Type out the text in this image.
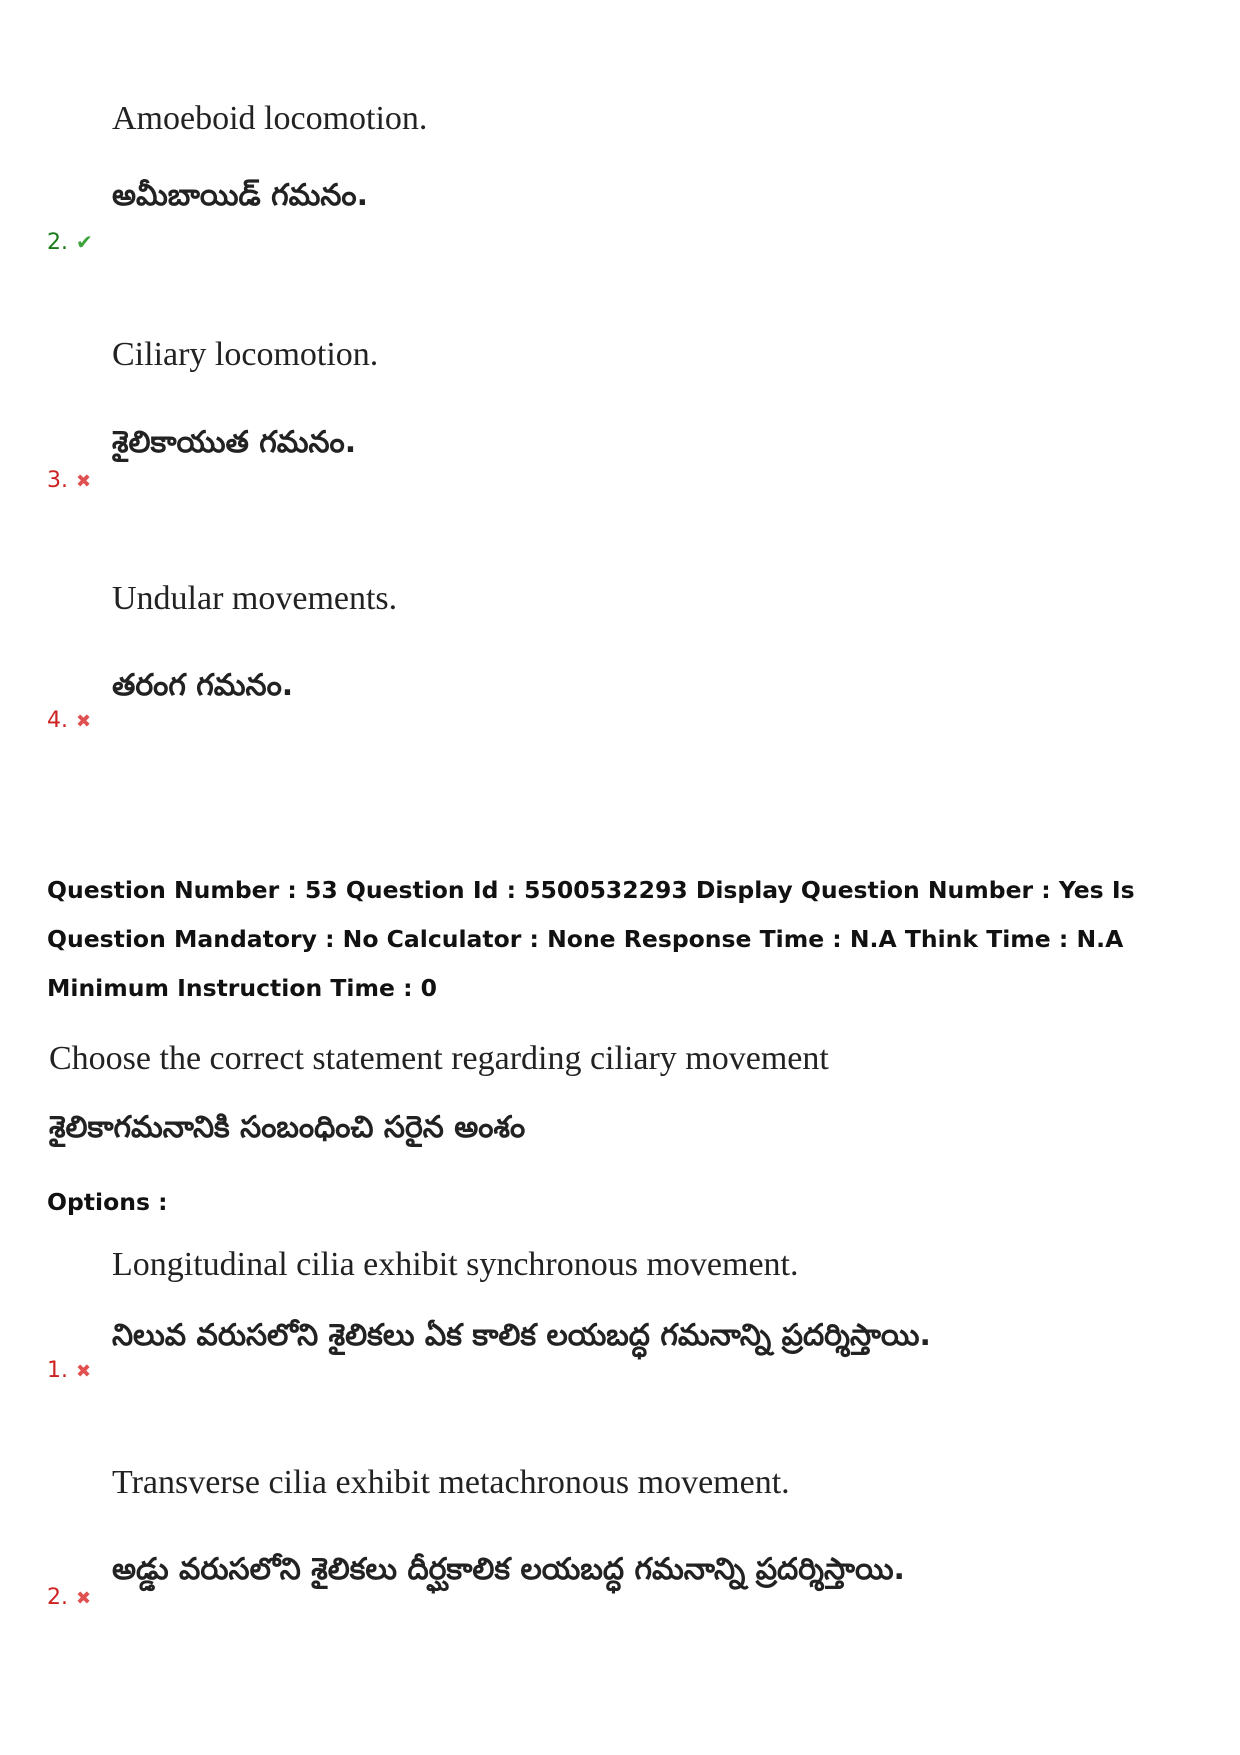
Amoeboid locomotion.
అమీబాయిడ్ గమనం.
2. ✔
Ciliary locomotion.
శైలికాయుత గమనం.
3. ✖
Undular movements.
తరంగ గమనం.
4. ✖
Question Number : 53 Question Id : 5500532293 Display Question Number : Yes Is Question Mandatory : No Calculator : None Response Time : N.A Think Time : N.A Minimum Instruction Time : 0
Choose the correct statement regarding ciliary movement
శైలికాగమనానికి సంబంధించి సరైన అంశం
Options :
Longitudinal cilia exhibit synchronous movement.
నిలువ వరుసలోని శైలికలు ఏక కాలిక లయబద్ధ గమనాన్ని ప్రదర్శిస్తాయి.
1. ✖
Transverse cilia exhibit metachronous movement.
అడ్డు వరుసలోని శైలికలు దీర్ఘకాలిక లయబద్ధ గమనాన్ని ప్రదర్శిస్తాయి.
2. ✖
